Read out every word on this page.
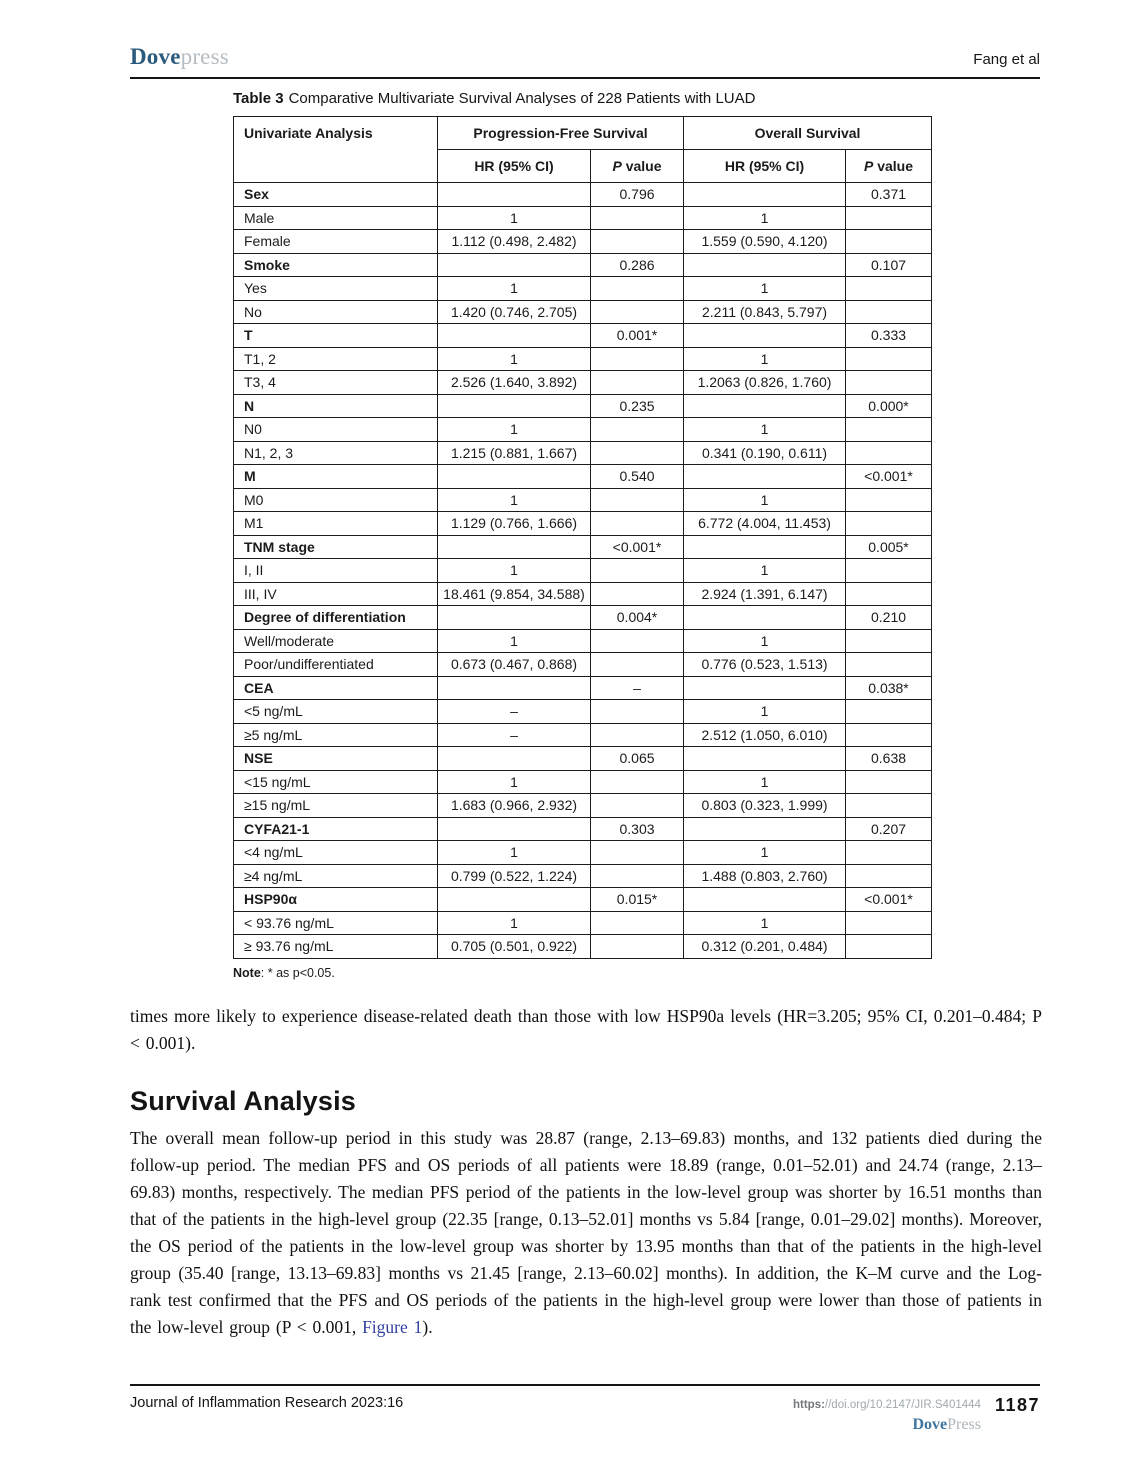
Dovepress	Fang et al
Table 3 Comparative Multivariate Survival Analyses of 228 Patients with LUAD
Univariate Analysis	Progression-Free Survival		Overall Survival	
	HR (95% CI)	P value	HR (95% CI)	P value
Sex		0.796		0.371
Male	1		1	
Female	1.112 (0.498, 2.482)		1.559 (0.590, 4.120)	
Smoke		0.286		0.107
Yes	1		1	
No	1.420 (0.746, 2.705)		2.211 (0.843, 5.797)	
T		0.001*		0.333
T1, 2	1		1	
T3, 4	2.526 (1.640, 3.892)		1.2063 (0.826, 1.760)	
N		0.235		0.000*
N0	1		1	
N1, 2, 3	1.215 (0.881, 1.667)		0.341 (0.190, 0.611)	
M		0.540		<0.001*
M0	1		1	
M1	1.129 (0.766, 1.666)		6.772 (4.004, 11.453)	
TNM stage		<0.001*		0.005*
I, II	1		1	
III, IV	18.461 (9.854, 34.588)		2.924 (1.391, 6.147)	
Degree of differentiation		0.004*		0.210
Well/moderate	1		1	
Poor/undifferentiated	0.673 (0.467, 0.868)		0.776 (0.523, 1.513)	
CEA		–		0.038*
<5 ng/mL	–		1	
≥5 ng/mL	–		2.512 (1.050, 6.010)	
NSE		0.065		0.638
<15 ng/mL	1		1	
≥15 ng/mL	1.683 (0.966, 2.932)		0.803 (0.323, 1.999)	
CYFA21-1		0.303		0.207
<4 ng/mL	1		1	
≥4 ng/mL	0.799 (0.522, 1.224)		1.488 (0.803, 2.760)	
HSP90α		0.015*		<0.001*
< 93.76 ng/mL	1		1	
≥ 93.76 ng/mL	0.705 (0.501, 0.922)		0.312 (0.201, 0.484)	
Note: * as p<0.05.

times more likely to experience disease-related death than those with low HSP90a levels (HR=3.205; 95% CI, 0.201–0.484; P < 0.001).

Survival Analysis

The overall mean follow-up period in this study was 28.87 (range, 2.13–69.83) months, and 132 patients died during the follow-up period. The median PFS and OS periods of all patients were 18.89 (range, 0.01–52.01) and 24.74 (range, 2.13–69.83) months, respectively. The median PFS period of the patients in the low-level group was shorter by 16.51 months than that of the patients in the high-level group (22.35 [range, 0.13–52.01] months vs 5.84 [range, 0.01–29.02] months). Moreover, the OS period of the patients in the low-level group was shorter by 13.95 months than that of the patients in the high-level group (35.40 [range, 13.13–69.83] months vs 21.45 [range, 2.13–60.02] months). In addition, the K–M curve and the Log-rank test confirmed that the PFS and OS periods of the patients in the high-level group were lower than those of patients in the low-level group (P < 0.001, Figure 1).

Journal of Inflammation Research 2023:16	https://doi.org/10.2147/JIR.S401444
DovePress
1187
